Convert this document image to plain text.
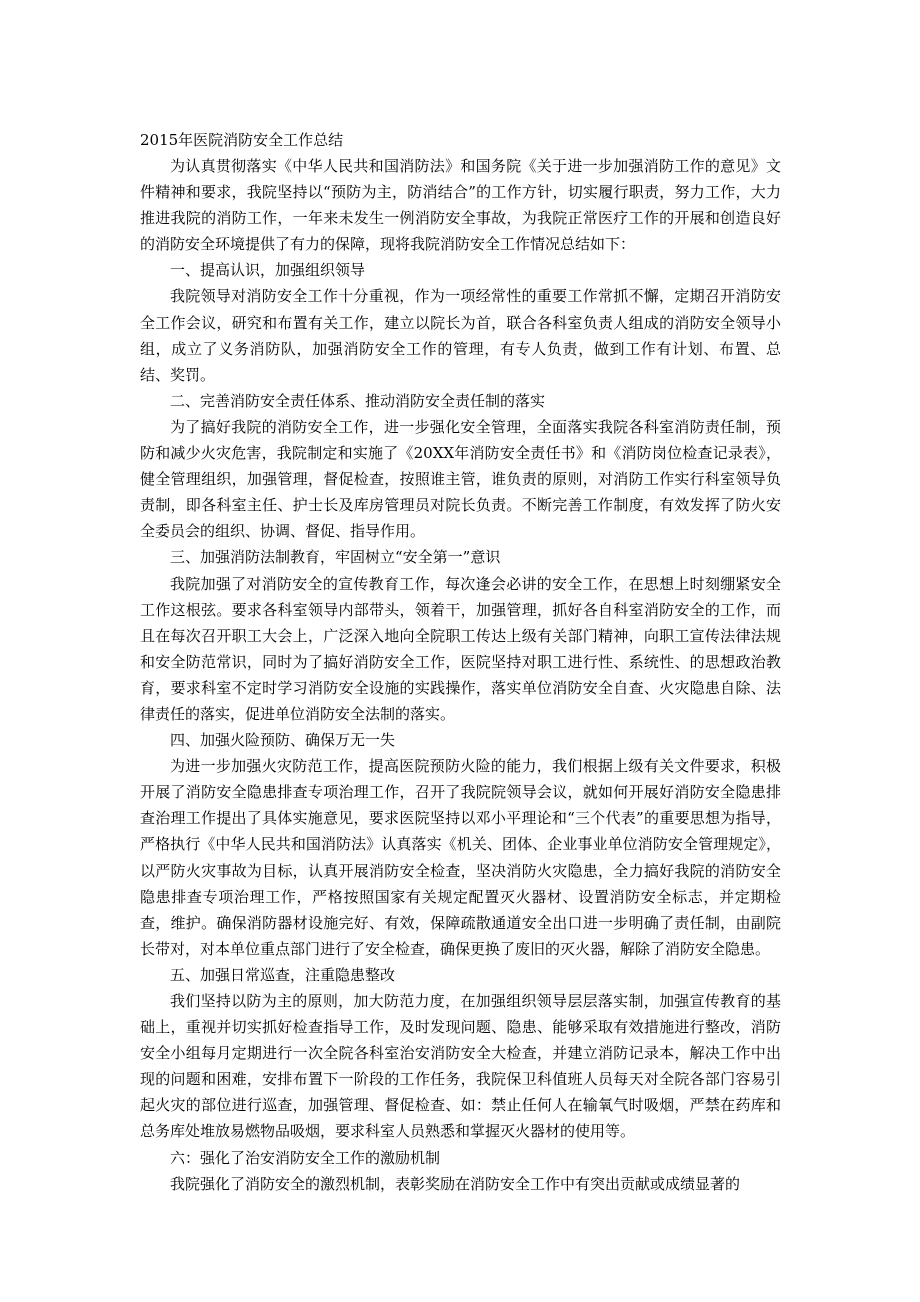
2015年医院消防安全工作总结

为认真贯彻落实《中华人民共和国消防法》和国务院《关于进一步加强消防工作的意见》文件精神和要求，我院坚持以“预防为主，防消结合”的工作方针，切实履行职责，努力工作，大力推进我院的消防工作，一年来未发生一例消防安全事故，为我院正常医疗工作的开展和创造良好的消防安全环境提供了有力的保障，现将我院消防安全工作情况总结如下：

一、提高认识，加强组织领导

我院领导对消防安全工作十分重视，作为一项经常性的重要工作常抓不懈，定期召开消防安全工作会议，研究和布置有关工作，建立以院长为首，联合各科室负责人组成的消防安全领导小组，成立了义务消防队，加强消防安全工作的管理，有专人负责，做到工作有计划、布置、总结、奖罚。

二、完善消防安全责任体系、推动消防安全责任制的落实

为了搞好我院的消防安全工作，进一步强化安全管理，全面落实我院各科室消防责任制，预防和减少火灾危害，我院制定和实施了《20XX年消防安全责任书》和《消防岗位检查记录表》，健全管理组织，加强管理，督促检查，按照谁主管，谁负责的原则，对消防工作实行科室领导负责制，即各科室主任、护士长及库房管理员对院长负责。不断完善工作制度，有效发挥了防火安全委员会的组织、协调、督促、指导作用。

三、加强消防法制教育，牢固树立“安全第一”意识

我院加强了对消防安全的宣传教育工作，每次逢会必讲的安全工作，在思想上时刻绷紧安全工作这根弦。要求各科室领导内部带头，领着干，加强管理，抓好各自科室消防安全的工作，而且在每次召开职工大会上，广泛深入地向全院职工传达上级有关部门精神，向职工宣传法律法规和安全防范常识，同时为了搞好消防安全工作，医院坚持对职工进行性、系统性、的思想政治教育，要求科室不定时学习消防安全设施的实践操作，落实单位消防安全自查、火灾隐患自除、法律责任的落实，促进单位消防安全法制的落实。

四、加强火险预防、确保万无一失

为进一步加强火灾防范工作，提高医院预防火险的能力，我们根据上级有关文件要求，积极开展了消防安全隐患排查专项治理工作，召开了我院院领导会议，就如何开展好消防安全隐患排查治理工作提出了具体实施意见，要求医院坚持以邓小平理论和“三个代表”的重要思想为指导，严格执行《中华人民共和国消防法》认真落实《机关、团体、企业事业单位消防安全管理规定》，以严防火灾事故为目标，认真开展消防安全检查，坚决消防火灾隐患，全力搞好我院的消防安全隐患排查专项治理工作，严格按照国家有关规定配置灭火器材、设置消防安全标志，并定期检查，维护。确保消防器材设施完好、有效，保障疏散通道安全出口进一步明确了责任制，由副院长带对，对本单位重点部门进行了安全检查，确保更换了废旧的灭火器，解除了消防安全隐患。

五、加强日常巡查，注重隐患整改

我们坚持以防为主的原则，加大防范力度，在加强组织领导层层落实制，加强宣传教育的基础上，重视并切实抓好检查指导工作，及时发现问题、隐患、能够采取有效措施进行整改，消防安全小组每月定期进行一次全院各科室治安消防安全大检查，并建立消防记录本，解决工作中出现的问题和困难，安排布置下一阶段的工作任务，我院保卫科值班人员每天对全院各部门容易引起火灾的部位进行巡查，加强管理、督促检查、如：禁止任何人在输氧气时吸烟，严禁在药库和总务库处堆放易燃物品吸烟，要求科室人员熟悉和掌握灭火器材的使用等。

六：强化了治安消防安全工作的激励机制

我院强化了消防安全的激烈机制，表彰奖励在消防安全工作中有突出贡献或成绩显著的
